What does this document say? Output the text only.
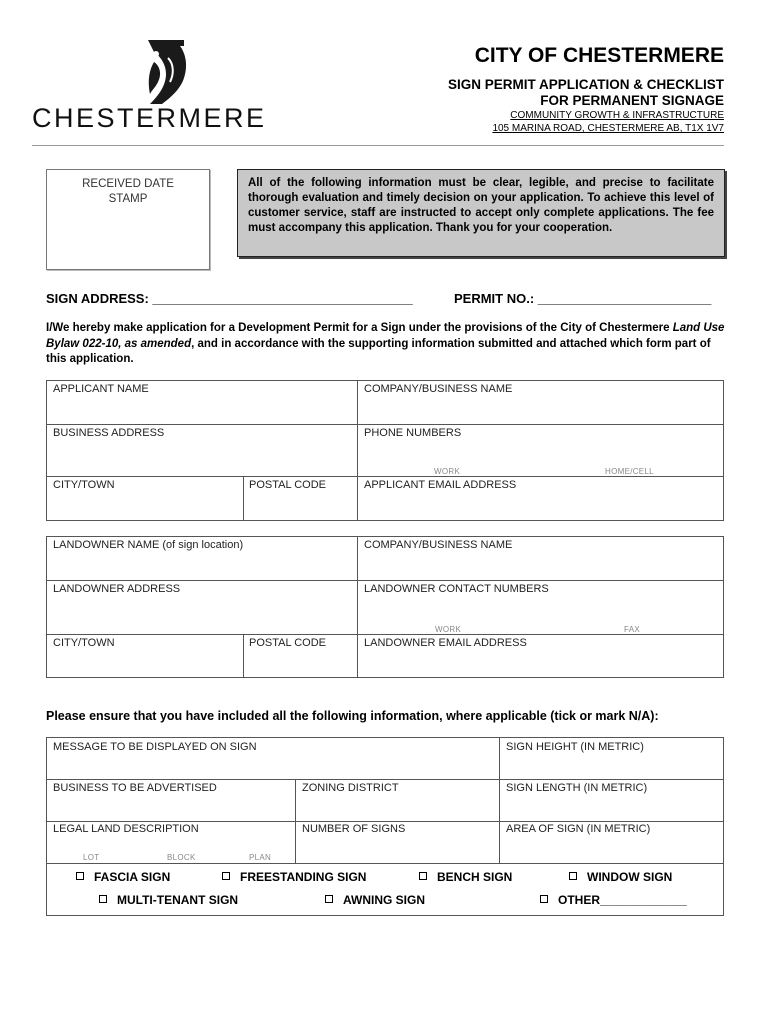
CHESTERMERE
CITY OF CHESTERMERE
SIGN PERMIT APPLICATION & CHECKLIST
FOR PERMANENT SIGNAGE
COMMUNITY GROWTH & INFRASTRUCTURE
105 MARINA ROAD, CHESTERMERE AB, T1X 1V7
RECEIVED DATE
STAMP
All of the following information must be clear, legible, and precise to facilitate thorough evaluation and timely decision on your application. To achieve this level of customer service, staff are instructed to accept only complete applications. The fee must accompany this application. Thank you for your cooperation.
SIGN ADDRESS: ____________________________________	PERMIT NO.: ________________________
I/We hereby make application for a Development Permit for a Sign under the provisions of the City of Chestermere Land Use Bylaw 022-10, as amended, and in accordance with the supporting information submitted and attached which form part of this application.
APPLICANT NAME	COMPANY/BUSINESS NAME
BUSINESS ADDRESS	PHONE NUMBERS
WORK	HOME/CELL
CITY/TOWN	POSTAL CODE	APPLICANT EMAIL ADDRESS
LANDOWNER NAME (of sign location)	COMPANY/BUSINESS NAME
LANDOWNER ADDRESS	LANDOWNER CONTACT NUMBERS
WORK	FAX
CITY/TOWN	POSTAL CODE	LANDOWNER EMAIL ADDRESS
Please ensure that you have included all the following information, where applicable (tick or mark N/A):
MESSAGE TO BE DISPLAYED ON SIGN	SIGN HEIGHT (IN METRIC)
BUSINESS TO BE ADVERTISED	ZONING DISTRICT	SIGN LENGTH (IN METRIC)
LEGAL LAND DESCRIPTION	NUMBER OF SIGNS	AREA OF SIGN (IN METRIC)
LOT	BLOCK	PLAN
FASCIA SIGN	FREESTANDING SIGN	BENCH SIGN	WINDOW SIGN
MULTI-TENANT SIGN	AWNING SIGN	OTHER_____________
